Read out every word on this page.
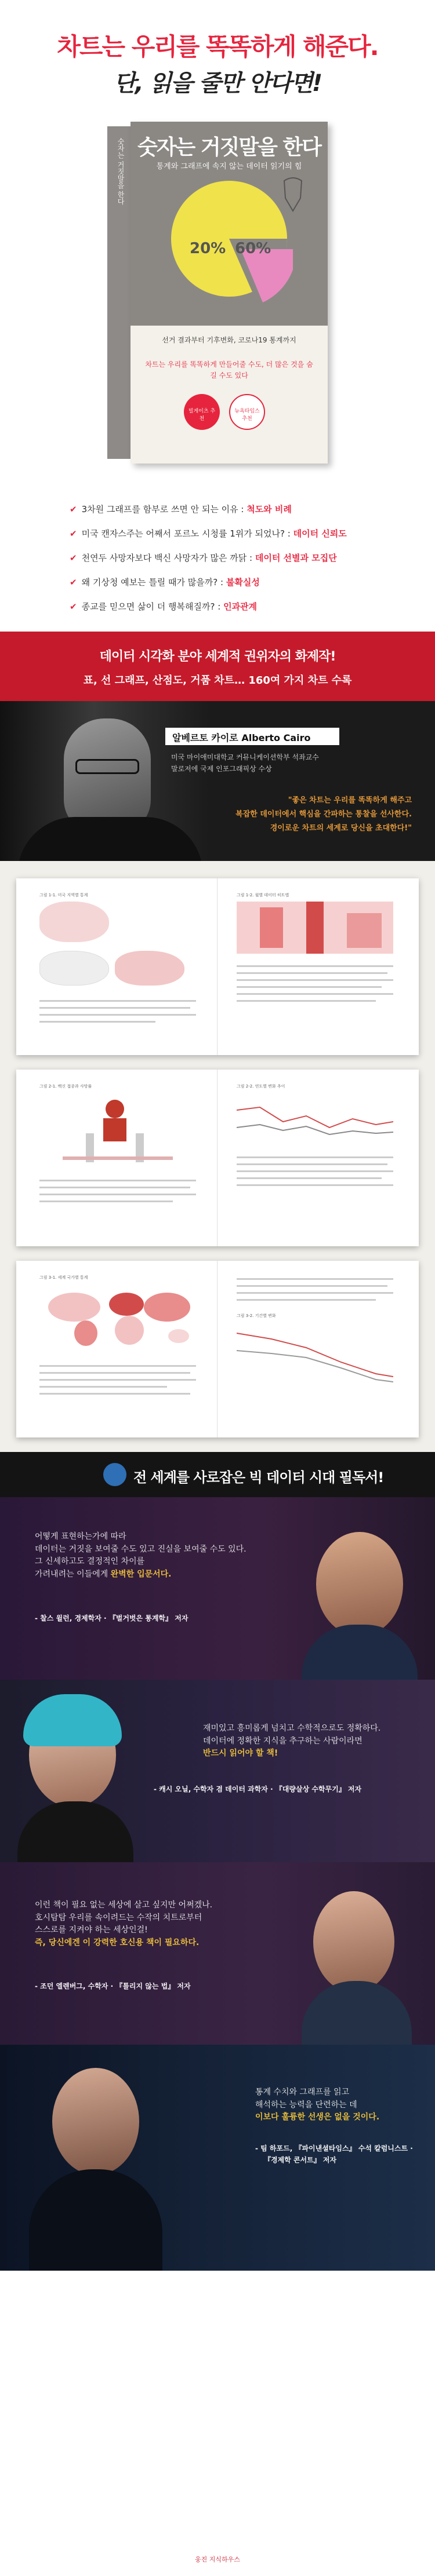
차트는 우리를 똑똑하게 해준다.
단, 읽을 줄만 안다면!
숫자는 거짓말을 한다 숫자는 거짓말을 한다
통계와 그래프에 속지 않는 데이터 읽기의 힘
20% 60%
선거 결과부터 기후변화, 코로나19 통계까지
차트는 우리를 똑똑하게 만들어줄 수도, 더 많은 것을 숨길 수도 있다
빌게이츠 추천
뉴욕타임스 추천
✔ 3차원 그래프를 함부로 쓰면 안 되는 이유 : 척도와 비례
✔ 미국 캔자스주는 어째서 포르노 시청률 1위가 되었나? : 데이터 신뢰도
✔ 천연두 사망자보다 백신 사망자가 많은 까닭 : 데이터 선별과 모집단
✔ 왜 기상청 예보는 틀릴 때가 많을까? : 불확실성
✔ 종교를 믿으면 삶이 더 행복해질까? : 인과관계
데이터 시각화 분야 세계적 권위자의 화제작!
표, 선 그래프, 산점도, 거품 차트… 160여 가지 차트 수록
알베르토 카이로 Alberto Cairo
미국 마이애미대학교 커뮤니케이션학부 석좌교수
말로저에 국제 인포그래픽상 수상
"좋은 차트는 우리를 똑똑하게 해주고
복잡한 데이터에서 핵심을 간파하는 통찰을 선사한다.
경이로운 차트의 세계로 당신을 초대한다!"
그림 1-1. 미국 지역별 통계	그림 1-2. 월별 데이터 히트맵
그림 2-1. 백신 접종과 사망률	그림 2-2. 연도별 변화 추이
그림 3-1. 세계 국가별 통계
그림 3-2. 기간별 변화
전 세계를 사로잡은 빅 데이터 시대 필독서!
어떻게 표현하는가에 따라
데이터는 거짓을 보여줄 수도 있고 진실을 보여줄 수도 있다.
그 신세하고도 결정적인 차이를
가려내려는 이들에게 완벽한 입문서다.
- 찰스 윌런, 경제학자 · 『벌거벗은 통계학』 저자
재미있고 흥미롭게 넘치고 수학적으로도 정확하다.
데이터에 정확한 지식을 추구하는 사람이라면
반드시 읽어야 할 책!
- 캐시 오닐, 수학자 겸 데이터 과학자 · 『대량살상 수학무기』 저자
이런 책이 필요 없는 세상에 살고 싶지만 어쩌겠나.
호시탐탐 우리를 속이려드는 수작의 치트로부터
스스로를 지켜야 하는 세상인걸!
즉, 당신에겐 이 강력한 호신용 책이 필요하다.
- 조던 엘렌버그, 수학자 · 『틀리지 않는 법』 저자
통계 수치와 그래프를 읽고
해석하는 능력을 단련하는 데
이보다 훌륭한 선생은 없을 것이다.
- 팀 하포드, 『파이낸셜타임스』 수석 칼럼니스트 ·
『경제학 콘서트』 저자
웅진 지식하우스
